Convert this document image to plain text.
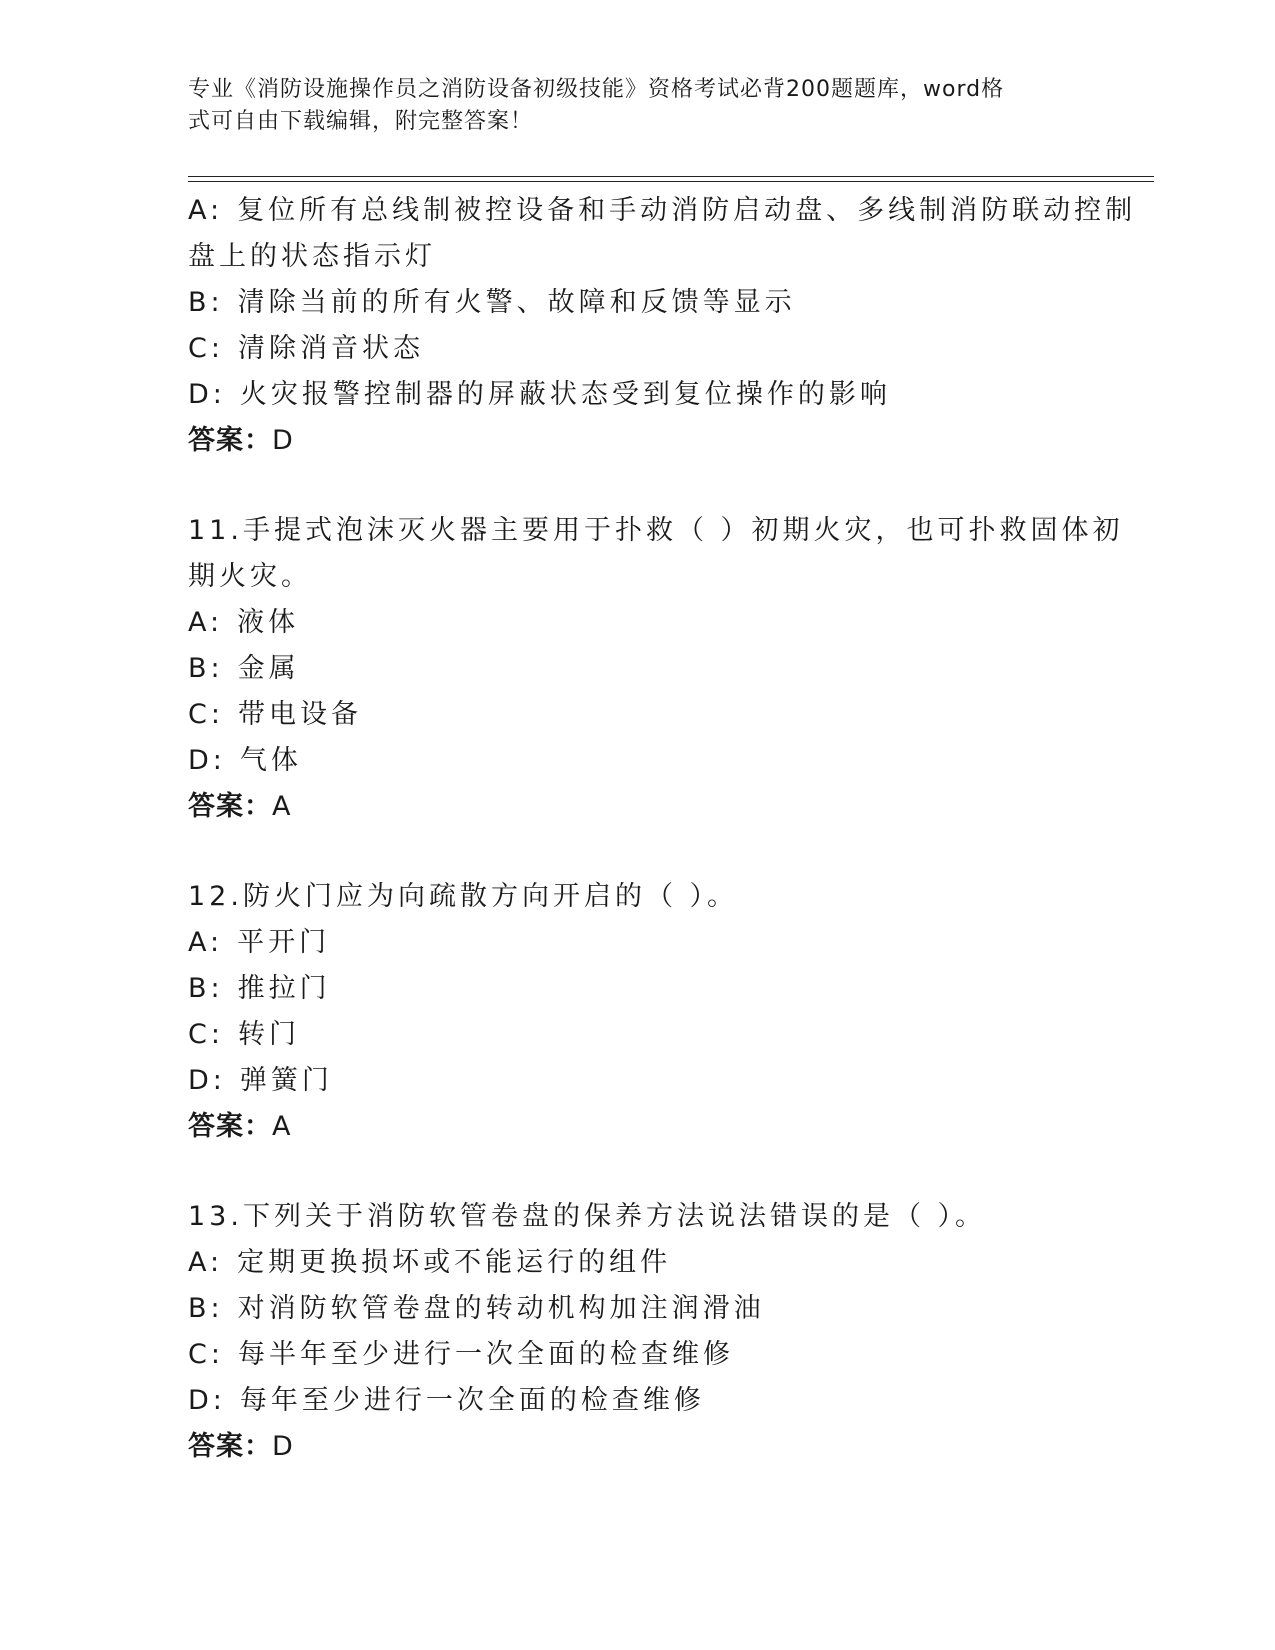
专业《消防设施操作员之消防设备初级技能》资格考试必背200题题库，word格
式可自由下载编辑，附完整答案！
A: 复位所有总线制被控设备和手动消防启动盘、多线制消防联动控制
盘上的状态指示灯
B: 清除当前的所有火警、故障和反馈等显示
C: 清除消音状态
D: 火灾报警控制器的屏蔽状态受到复位操作的影响
答案：D
11.手提式泡沫灭火器主要用于扑救（ ）初期火灾，也可扑救固体初
期火灾。
A: 液体
B: 金属
C: 带电设备
D: 气体
答案：A
12.防火门应为向疏散方向开启的（ ）。
A: 平开门
B: 推拉门
C: 转门
D: 弹簧门
答案：A
13.下列关于消防软管卷盘的保养方法说法错误的是（ ）。
A: 定期更换损坏或不能运行的组件
B: 对消防软管卷盘的转动机构加注润滑油
C: 每半年至少进行一次全面的检查维修
D: 每年至少进行一次全面的检查维修
答案：D
